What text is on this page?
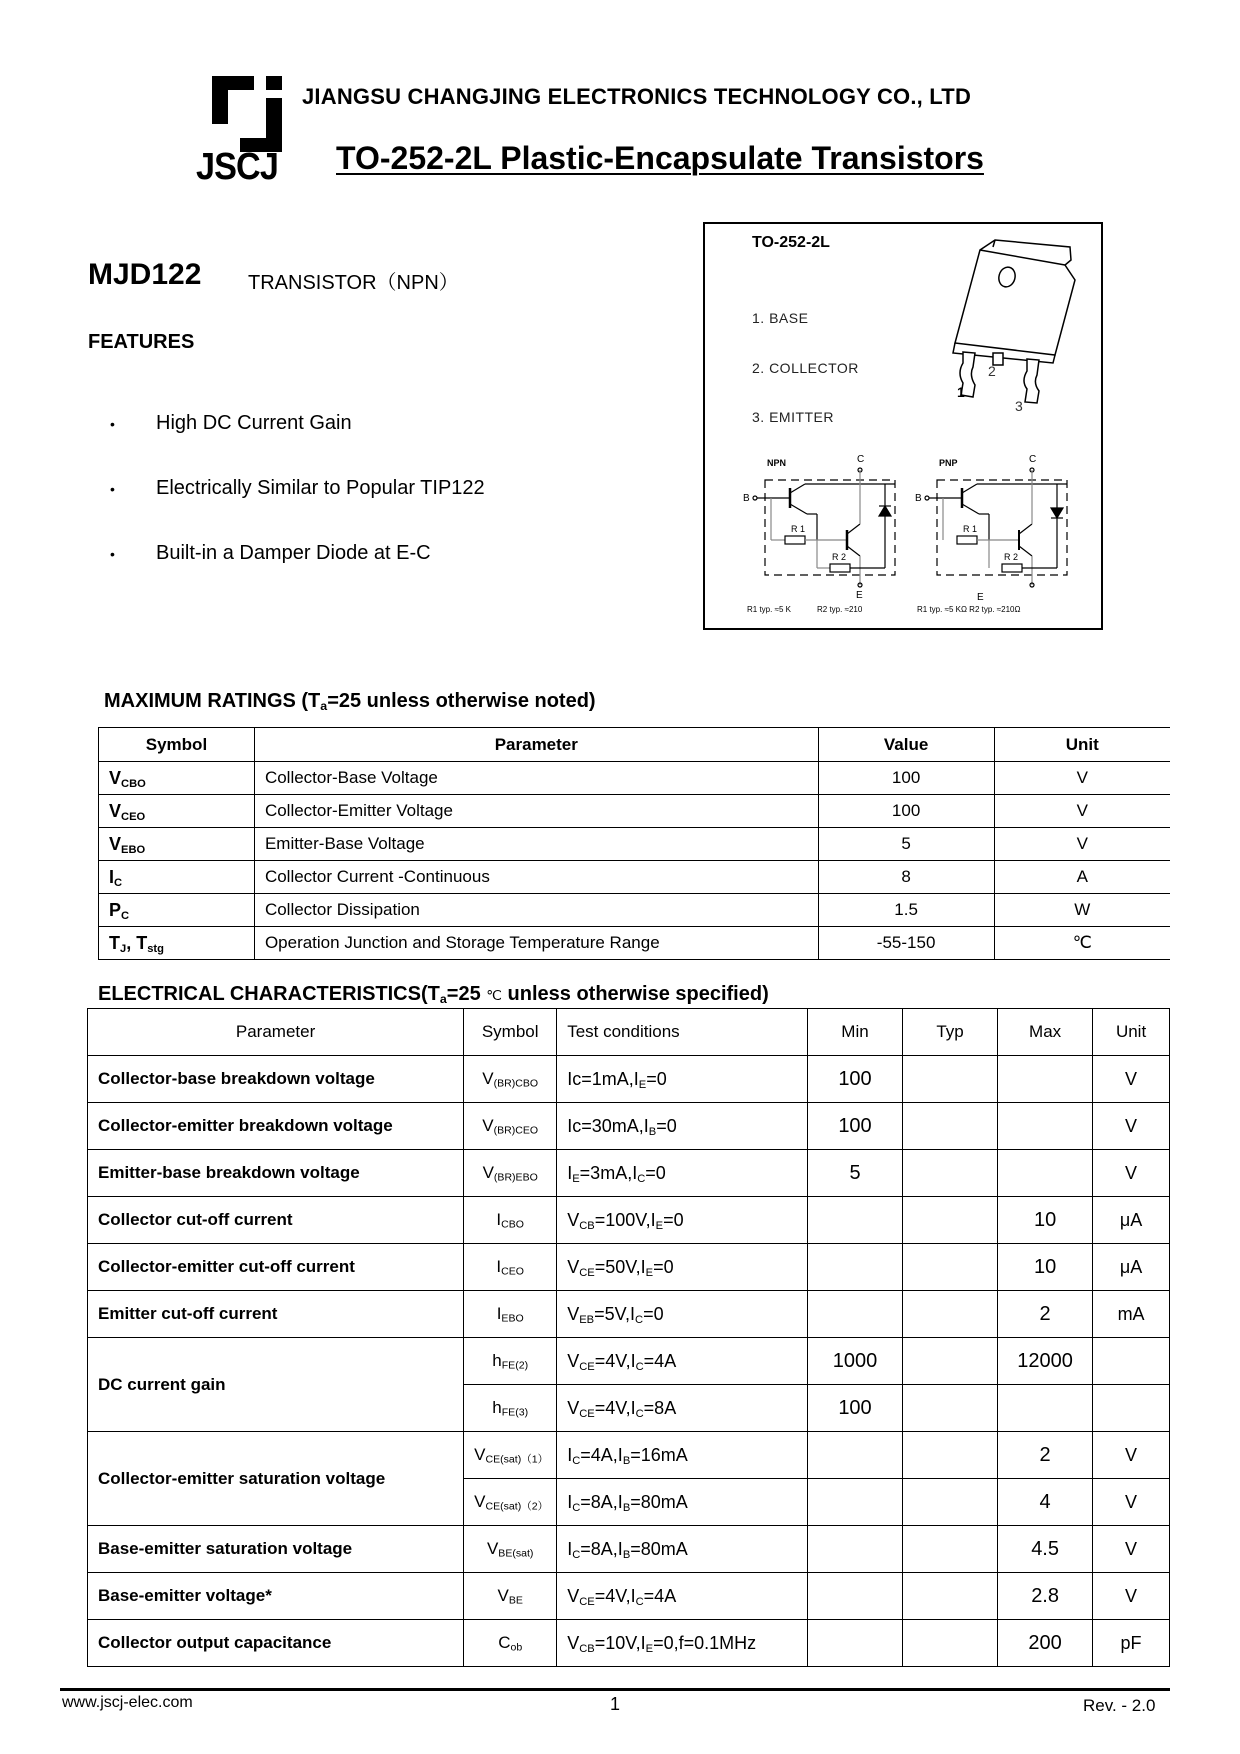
JSCJ
JIANGSU CHANGJING ELECTRONICS TECHNOLOGY CO., LTD
TO-252-2L Plastic-Encapsulate Transistors
MJD122 TRANSISTOR（NPN）
FEATURES
• High DC Current Gain
• Electrically Similar to Popular TIP122
• Built-in a Damper Diode at E-C
TO-252-2L
1. BASE
2. COLLECTOR
3. EMITTER
1
2
3
NPN	C
B
E
R 1
R 2
R1 typ. ≈5 K	R2 typ. ≈210
PNP	C
B
E
R 1
R 2
R1 typ. ≈5 KΩ R2 typ. ≈210Ω
MAXIMUM RATINGS ($T_a=25$ unless otherwise noted)
Symbol	Parameter	Value	Unit
$V_{CBO}$	Collector-Base Voltage	100	V
$V_{CEO}$	Collector-Emitter Voltage	100	V
$V_{EBO}$	Emitter-Base Voltage	5	V
$I_C$	Collector Current -Continuous	8	A
$P_C$	Collector Dissipation	1.5	W
$T_J$, $T_{stg}$	Operation Junction and Storage Temperature Range	-55-150	℃
ELECTRICAL $CHARACTERISTICS(T_a=25$ ℃ unless otherwise specified)
Parameter	Symbol	Test conditions	Min	Typ	Max	Unit
Collector-base breakdown voltage	$V_{(BR)CBO}$	$Ic=1mA,I_E=0$	100			V
Collector-emitter breakdown voltage	$V_{(BR)CEO}$	$Ic=30mA,I_B=0$	100			V
Emitter-base breakdown voltage	$V_{(BR)EBO}$	$I_E=3mA,I_C=0$	5			V
Collector cut-off current	$I_{CBO}$	$V_{CB}=100V,I_E=0$			10	μA
Collector-emitter cut-off current	$I_{CEO}$	$V_{CE}=50V,I_E=0$			10	μA
Emitter cut-off current	$I_{EBO}$	$V_{EB}=5V,I_C=0$			2	mA
DC current gain	$h_{FE(2)}$	$V_{CE}=4V,I_C=4A$	1000		12000	
	$h_{FE(3)}$	$V_{CE}=4V,I_C=8A$	100			
Collector-emitter saturation voltage	$V_{CE(sat)(1)}$	$I_C=4A,I_B=16mA$			2	V
	$V_{CE(sat)(2)}$	$I_C=8A,I_B=80mA$			4	V
Base-emitter saturation voltage	$V_{BE(sat)}$	$I_C=8A,I_B=80mA$			4.5	V
Base-emitter voltage*	$V_{BE}$	$V_{CE}=4V,I_C=4A$			2.8	V
Collector output capacitance	$C_{ob}$	$V_{CB}=10V,I_E=0,f=0.1MHz$			200	pF
www.jscj-elec.com	1	Rev. - 2.0
